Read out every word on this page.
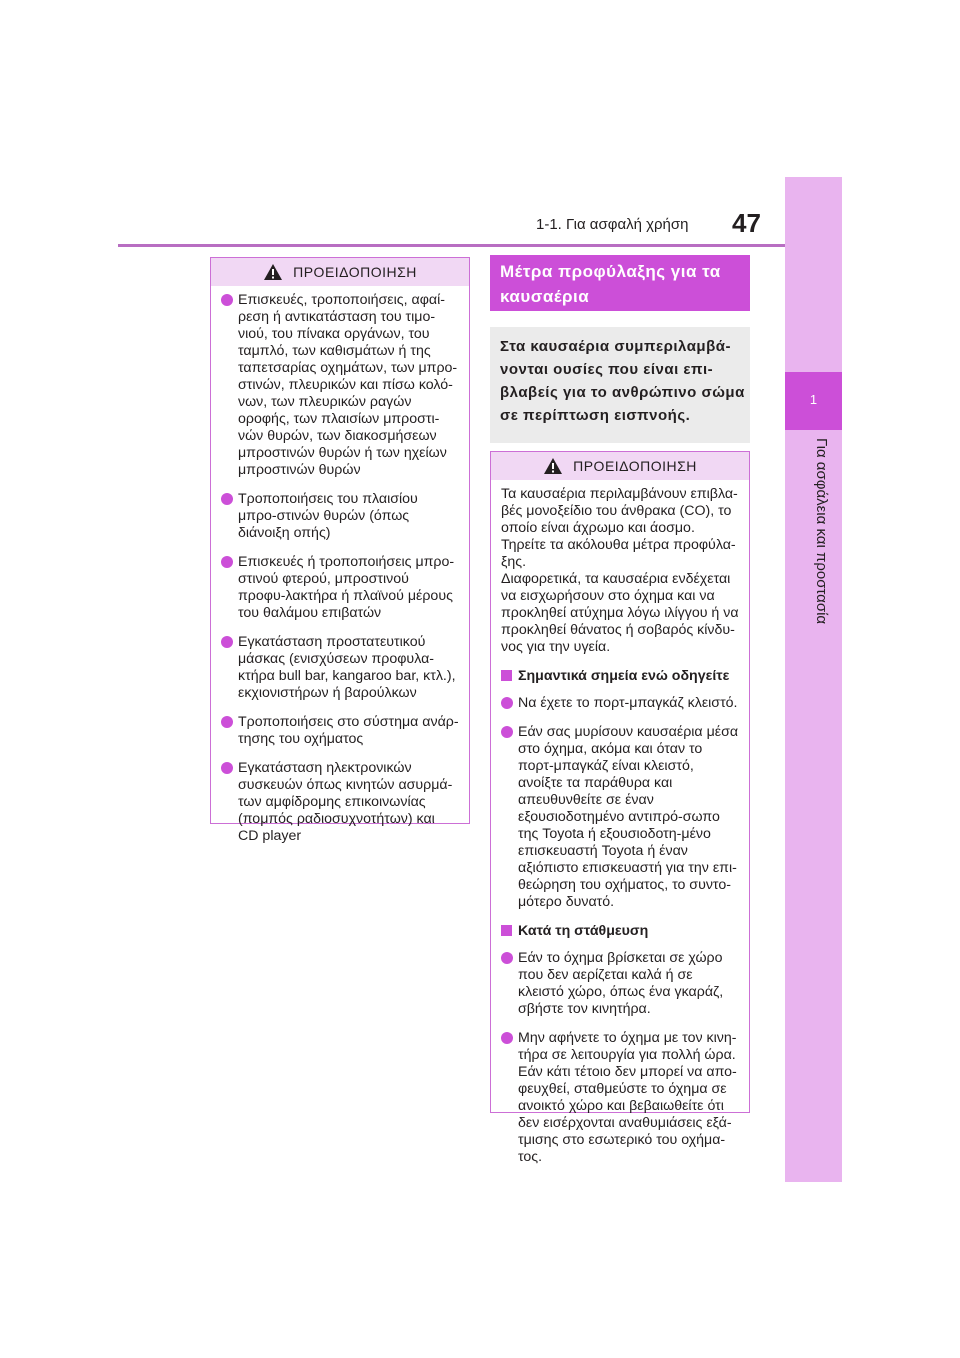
1-1. Για ασφαλή χρήση 47
1
Για ασφάλεια και προστασία
ΠΡΟΕΙΔΟΠΟΙΗΣΗ
Επισκευές, τροποποιήσεις, αφαί-ρεση ή αντικατάσταση του τιμο-νιού, του πίνακα οργάνων, του ταμπλό, των καθισμάτων ή της ταπετσαρίας οχημάτων, των μπρο-στινών, πλευρικών και πίσω κολό-νων, των πλευρικών ραγών οροφής, των πλαισίων μπροστι-νών θυρών, των διακοσμήσεων μπροστινών θυρών ή των ηχείων μπροστινών θυρών
Τροποποιήσεις του πλαισίου μπρο-στινών θυρών (όπως διάνοιξη οπής)
Επισκευές ή τροποποιήσεις μπρο-στινού φτερού, μπροστινού προφυ-λακτήρα ή πλαϊνού μέρους του θαλάμου επιβατών
Εγκατάσταση προστατευτικού μάσκας (ενισχύσεων προφυλα-κτήρα bull bar, kangaroo bar, κτλ.), εκχιονιστήρων ή βαρούλκων
Τροποποιήσεις στο σύστημα ανάρ-τησης του οχήματος
Εγκατάσταση ηλεκτρονικών συσκευών όπως κινητών ασυρμά-των αμφίδρομης επικοινωνίας (πομπός ραδιοσυχνοτήτων) και CD player
Μέτρα προφύλαξης για τα καυσαέρια
Στα καυσαέρια συμπεριλαμβά-νονται ουσίες που είναι επι-βλαβείς για το ανθρώπινο σώμα σε περίπτωση εισπνοής.
ΠΡΟΕΙΔΟΠΟΙΗΣΗ
Τα καυσαέρια περιλαμβάνουν επιβλα-βές μονοξείδιο του άνθρακα (CO), το οποίο είναι άχρωμο και άοσμο. Τηρείτε τα ακόλουθα μέτρα προφύλα-ξης.
Διαφορετικά, τα καυσαέρια ενδέχεται να εισχωρήσουν στο όχημα και να προκληθεί ατύχημα λόγω ιλίγγου ή να προκληθεί θάνατος ή σοβαρός κίνδυ-νος για την υγεία.
Σημαντικά σημεία ενώ οδηγείτε
Να έχετε το πορτ-μπαγκάζ κλειστό.
Εάν σας μυρίσουν καυσαέρια μέσα στο όχημα, ακόμα και όταν το πορτ-μπαγκάζ είναι κλειστό, ανοίξτε τα παράθυρα και απευθυνθείτε σε έναν εξουσιοδοτημένο αντιπρό-σωπο της Toyota ή εξουσιοδοτη-μένο επισκευαστή Toyota ή έναν αξιόπιστο επισκευαστή για την επι-θεώρηση του οχήματος, το συντο-μότερο δυνατό.
Κατά τη στάθμευση
Εάν το όχημα βρίσκεται σε χώρο που δεν αερίζεται καλά ή σε κλειστό χώρο, όπως ένα γκαράζ, σβήστε τον κινητήρα.
Μην αφήνετε το όχημα με τον κινη-τήρα σε λειτουργία για πολλή ώρα. Εάν κάτι τέτοιο δεν μπορεί να απο-φευχθεί, σταθμεύστε το όχημα σε ανοικτό χώρο και βεβαιωθείτε ότι δεν εισέρχονται αναθυμιάσεις εξά-τμισης στο εσωτερικό του οχήμα-τος.
